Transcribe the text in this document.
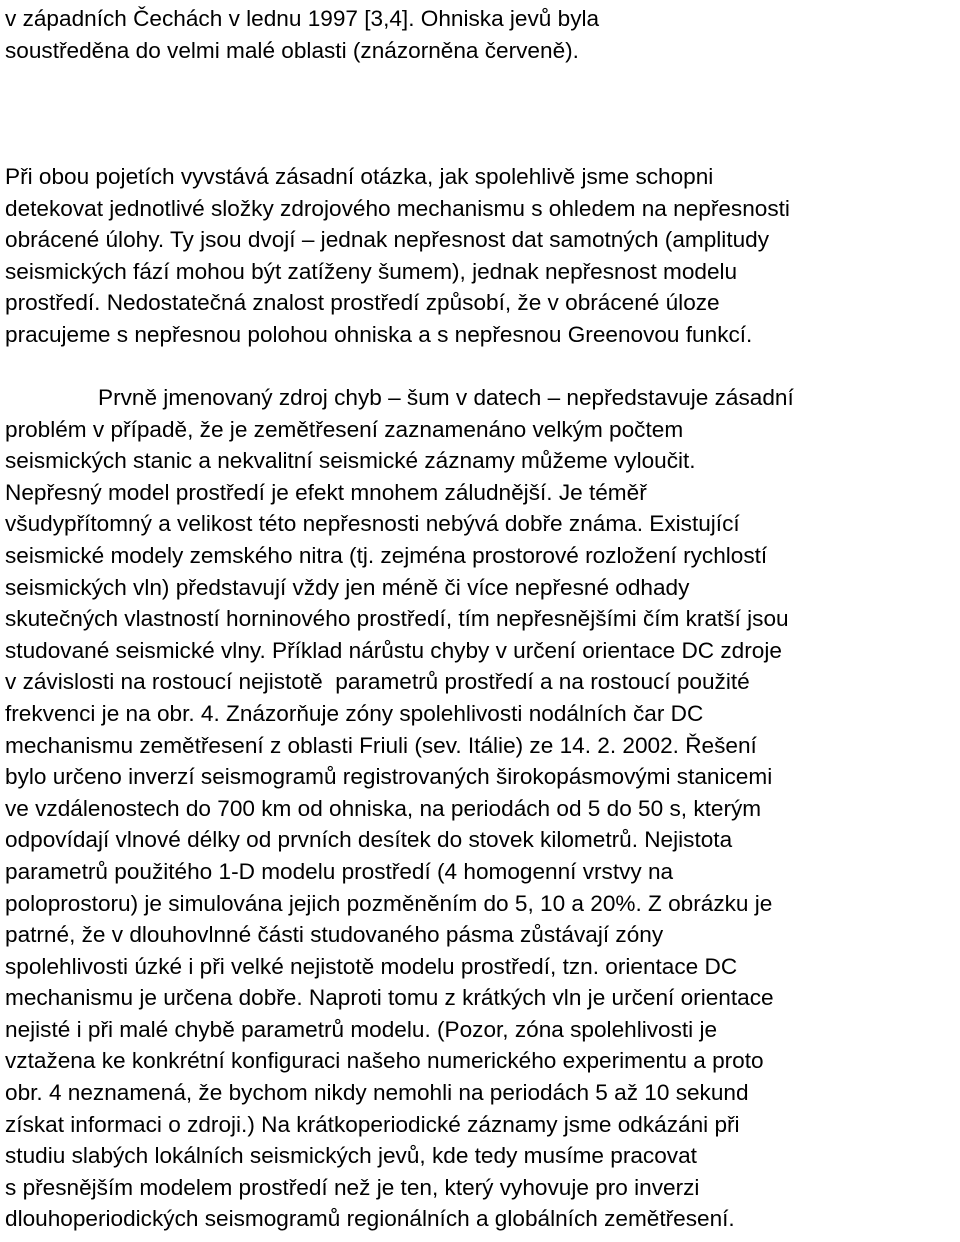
v západních Čechách v lednu 1997 [3,4]. Ohniska jevů byla
soustředěna do velmi malé oblasti (znázorněna červeně).
Při obou pojetích vyvstává zásadní otázka, jak spolehlivě jsme schopni
detekovat jednotlivé složky zdrojového mechanismu s ohledem na nepřesnosti
obrácené úlohy. Ty jsou dvojí – jednak nepřesnost dat samotných (amplitudy
seismických fází mohou být zatíženy šumem), jednak nepřesnost modelu
prostředí. Nedostatečná znalost prostředí způsobí, že v obrácené úloze
pracujeme s nepřesnou polohou ohniska a s nepřesnou Greenovou funkcí.
Prvně jmenovaný zdroj chyb – šum v datech – nepředstavuje zásadní
problém v případě, že je zemětřesení zaznamenáno velkým počtem
seismických stanic a nekvalitní seismické záznamy můžeme vyloučit.
Nepřesný model prostředí je efekt mnohem záludnější. Je téměř
všudypřítomný a velikost této nepřesnosti nebývá dobře známa. Existující
seismické modely zemského nitra (tj. zejména prostorové rozložení rychlostí
seismických vln) představují vždy jen méně či více nepřesné odhady
skutečných vlastností horninového prostředí, tím nepřesnějšími čím kratší jsou
studované seismické vlny. Příklad nárůstu chyby v určení orientace DC zdroje
v závislosti na rostoucí nejistotě  parametrů prostředí a na rostoucí použité
frekvenci je na obr. 4. Znázorňuje zóny spolehlivosti nodálních čar DC
mechanismu zemětřesení z oblasti Friuli (sev. Itálie) ze 14. 2. 2002. Řešení
bylo určeno inverzí seismogramů registrovaných širokopásmovými stanicemi
ve vzdálenostech do 700 km od ohniska, na periodách od 5 do 50 s, kterým
odpovídají vlnové délky od prvních desítek do stovek kilometrů. Nejistota
parametrů použitého 1-D modelu prostředí (4 homogenní vrstvy na
poloprostoru) je simulována jejich pozměněním do 5, 10 a 20%. Z obrázku je
patrné, že v dlouhovlnné části studovaného pásma zůstávají zóny
spolehlivosti úzké i při velké nejistotě modelu prostředí, tzn. orientace DC
mechanismu je určena dobře. Naproti tomu z krátkých vln je určení orientace
nejisté i při malé chybě parametrů modelu. (Pozor, zóna spolehlivosti je
vztažena ke konkrétní konfiguraci našeho numerického experimentu a proto
obr. 4 neznamená, že bychom nikdy nemohli na periodách 5 až 10 sekund
získat informaci o zdroji.) Na krátkoperiodické záznamy jsme odkázáni při
studiu slabých lokálních seismických jevů, kde tedy musíme pracovat
s přesnějším modelem prostředí než je ten, který vyhovuje pro inverzi
dlouhoperiodických seismogramů regionálních a globálních zemětřesení.
